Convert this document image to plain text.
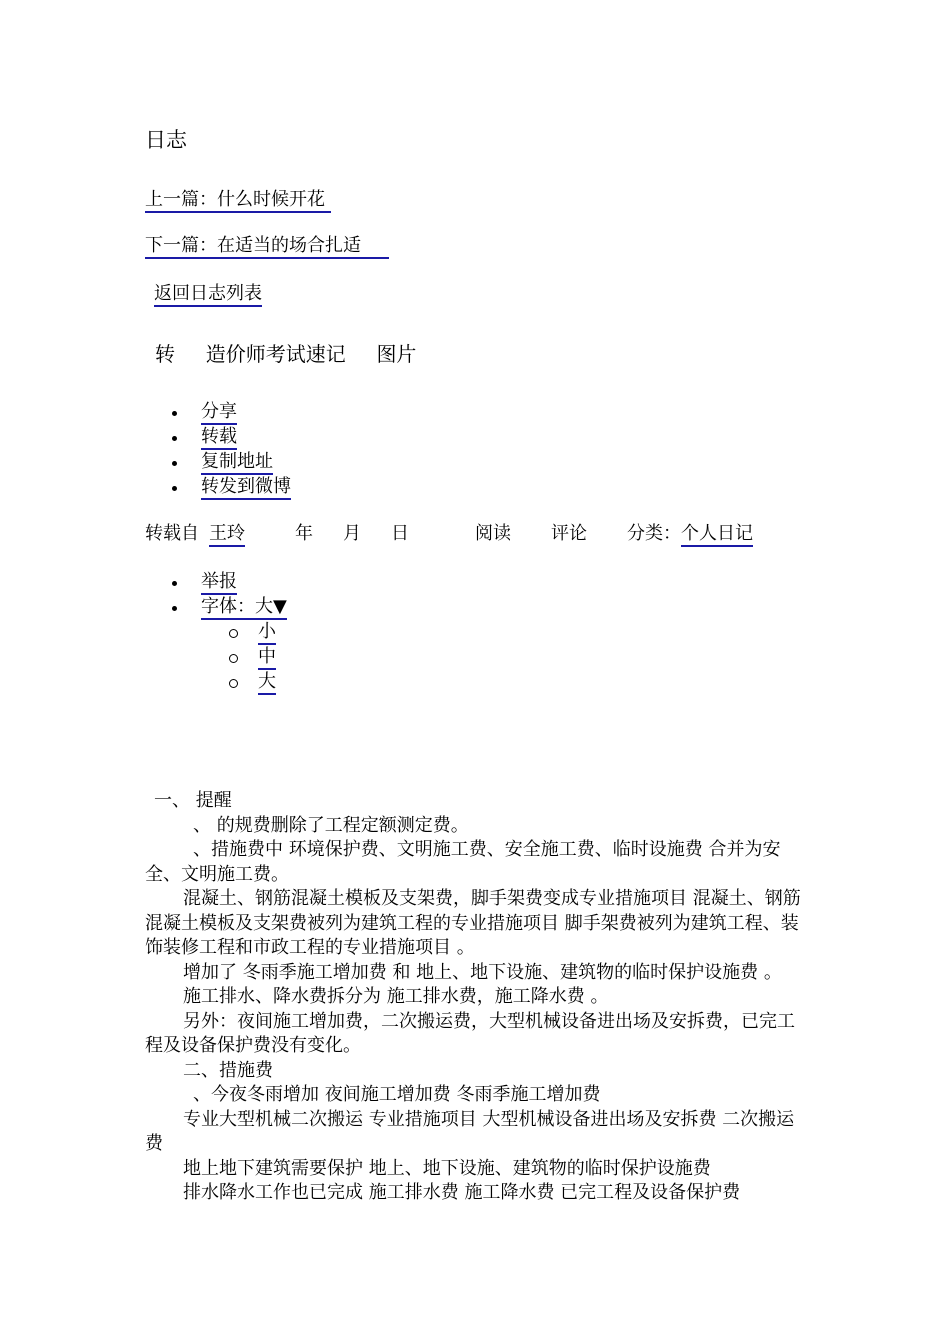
日志
上一篇：什么时候开花
下一篇：在适当的场合扎适
返回日志列表
转 造价师考试速记 图片
分享
转载
复制地址
转发到微博
转载自 王玲	年 月 日	阅读 评论 分类：个人日记
举报
字体：大▼
小
中
大

一、 提醒

、 的规费删除了工程定额测定费。

、措施费中 环境保护费、文明施工费、安全施工费、临时设施费 合并为安全、文明施工费。

混凝土、钢筋混凝土模板及支架费，脚手架费变成专业措施项目 混凝土、钢筋混凝土模板及支架费被列为建筑工程的专业措施项目 脚手架费被列为建筑工程、装饰装修工程和市政工程的专业措施项目 。

增加了 冬雨季施工增加费 和 地上、地下设施、建筑物的临时保护设施费 。

施工排水、降水费拆分为 施工排水费，施工降水费 。

另外：夜间施工增加费，二次搬运费，大型机械设备进出场及安拆费，已完工程及设备保护费没有变化。

二、措施费

、今夜冬雨增加 夜间施工增加费 冬雨季施工增加费

专业大型机械二次搬运 专业措施项目 大型机械设备进出场及安拆费 二次搬运费

地上地下建筑需要保护 地上、地下设施、建筑物的临时保护设施费

排水降水工作也已完成 施工排水费 施工降水费 已完工程及设备保护费
